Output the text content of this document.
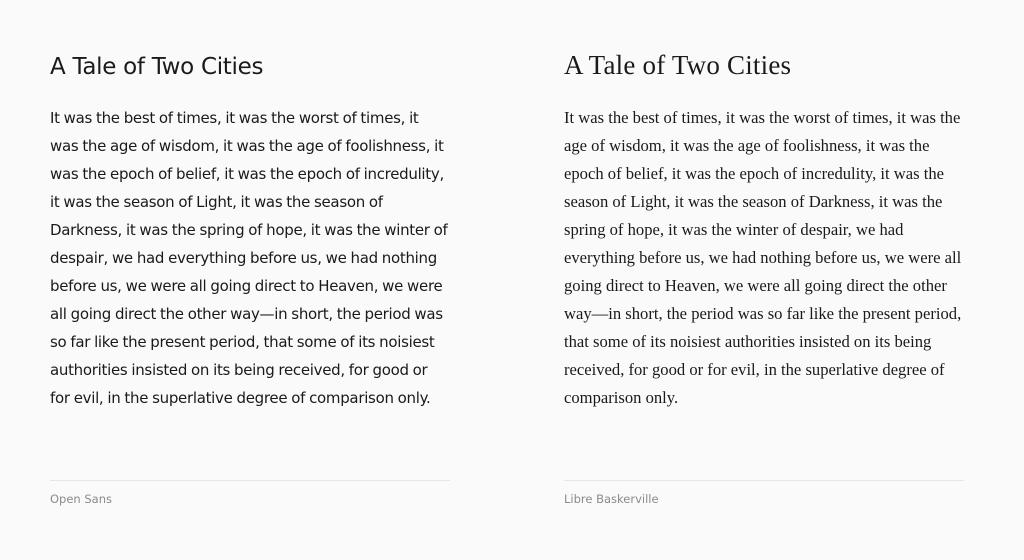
A Tale of Two Cities

It was the best of times, it was the worst of times, it was the age of wisdom, it was the age of foolishness, it was the epoch of belief, it was the epoch of incredulity, it was the season of Light, it was the season of Darkness, it was the spring of hope, it was the winter of despair, we had everything before us, we had nothing before us, we were all going direct to Heaven, we were all going direct the other way—in short, the period was so far like the present period, that some of its noisiest authorities insisted on its being received, for good or for evil, in the superlative degree of comparison only.

A Tale of Two Cities

It was the best of times, it was the worst of times, it was the age of wisdom, it was the age of foolishness, it was the epoch of belief, it was the epoch of incredulity, it was the season of Light, it was the season of Darkness, it was the spring of hope, it was the winter of despair, we had everything before us, we had nothing before us, we were all going direct to Heaven, we were all going direct the other way—in short, the period was so far like the present period, that some of its noisiest authorities insisted on its being received, for good or for evil, in the superlative degree of comparison only.

Open Sans	Libre Baskerville
